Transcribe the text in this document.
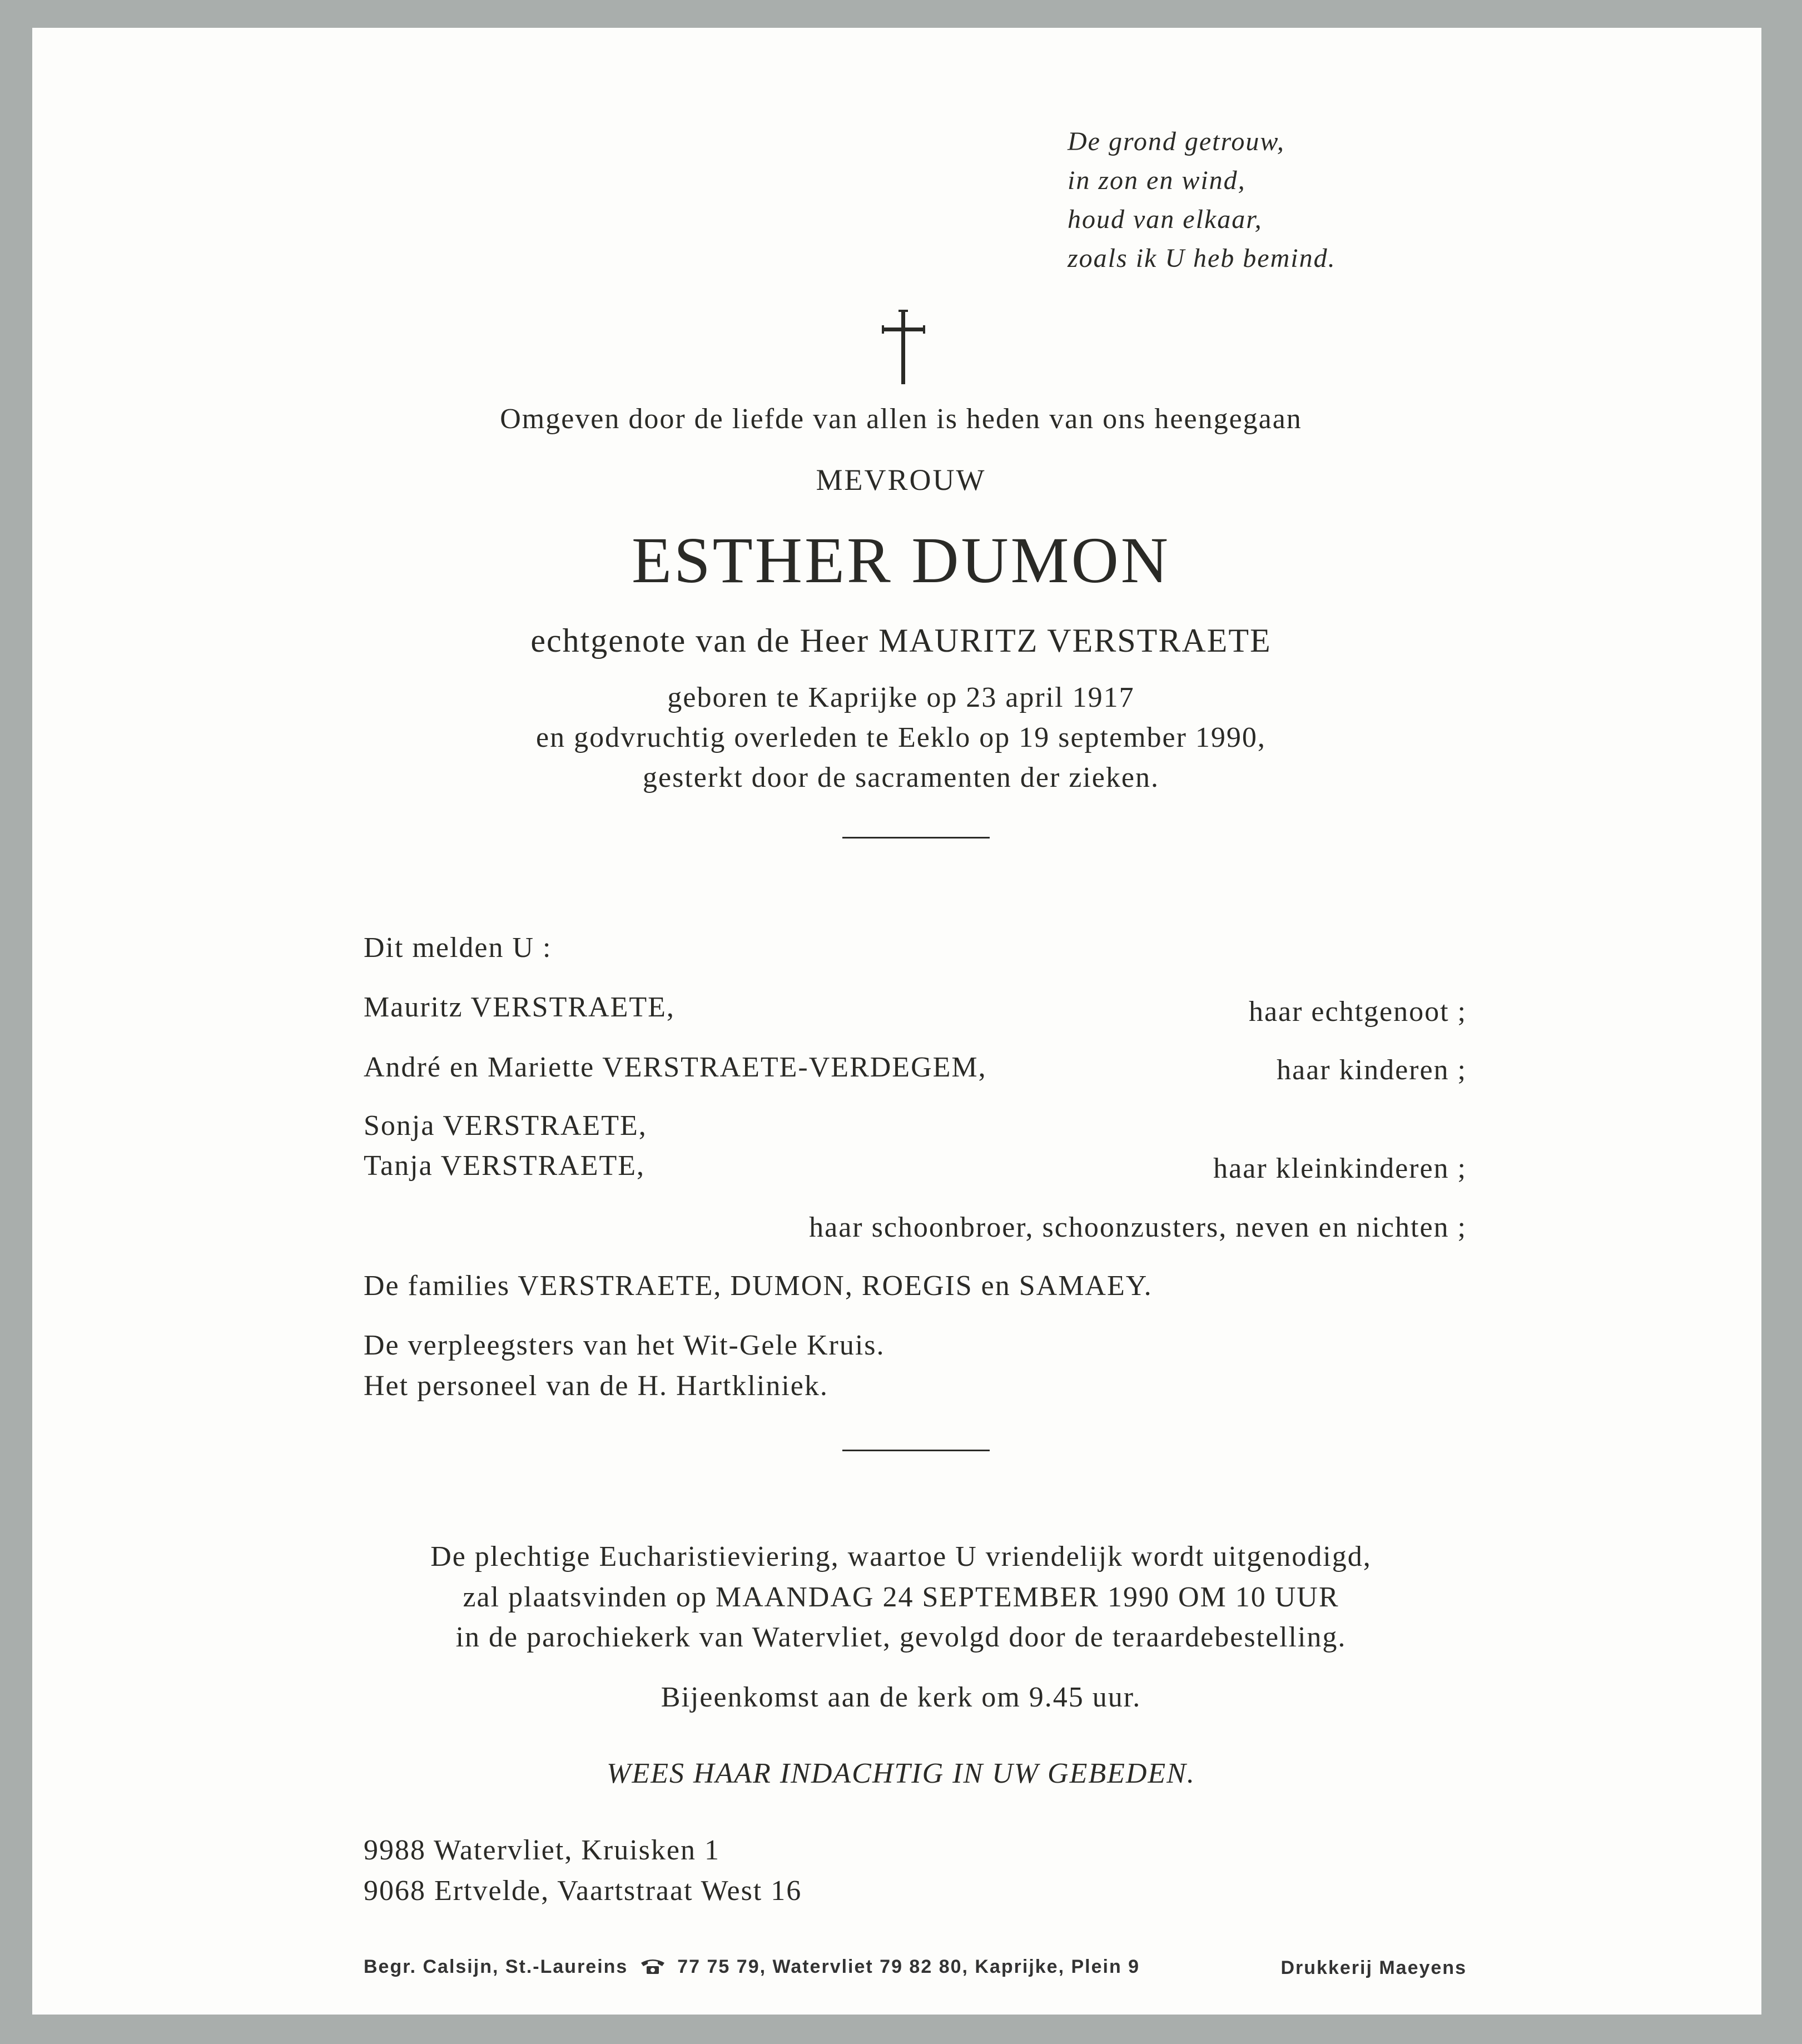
De grond getrouw,
in zon en wind,
houd van elkaar,
zoals ik U heb bemind.
Omgeven door de liefde van allen is heden van ons heengegaan
MEVROUW
ESTHER DUMON
echtgenote van de Heer MAURITZ VERSTRAETE
geboren te Kaprijke op 23 april 1917
en godvruchtig overleden te Eeklo op 19 september 1990,
gesterkt door de sacramenten der zieken.
Dit melden U :
Mauritz VERSTRAETE,	haar echtgenoot ;
André en Mariette VERSTRAETE-VERDEGEM,	haar kinderen ;
Sonja VERSTRAETE,
Tanja VERSTRAETE,	haar kleinkinderen ;
haar schoonbroer, schoonzusters, neven en nichten ;
De families VERSTRAETE, DUMON, ROEGIS en SAMAEY.
De verpleegsters van het Wit-Gele Kruis.
Het personeel van de H. Hartkliniek.
De plechtige Eucharistieviering, waartoe U vriendelijk wordt uitgenodigd,
zal plaatsvinden op MAANDAG 24 SEPTEMBER 1990 OM 10 UUR
in de parochiekerk van Watervliet, gevolgd door de teraardebestelling.
Bijeenkomst aan de kerk om 9.45 uur.
WEES HAAR INDACHTIG IN UW GEBEDEN.
9988 Watervliet, Kruisken 1
9068 Ertvelde, Vaartstraat West 16
Begr. Calsijn, St.-Laureins	77 75 79, Watervliet 79 82 80, Kaprijke, Plein 9	Drukkerij Maeyens
